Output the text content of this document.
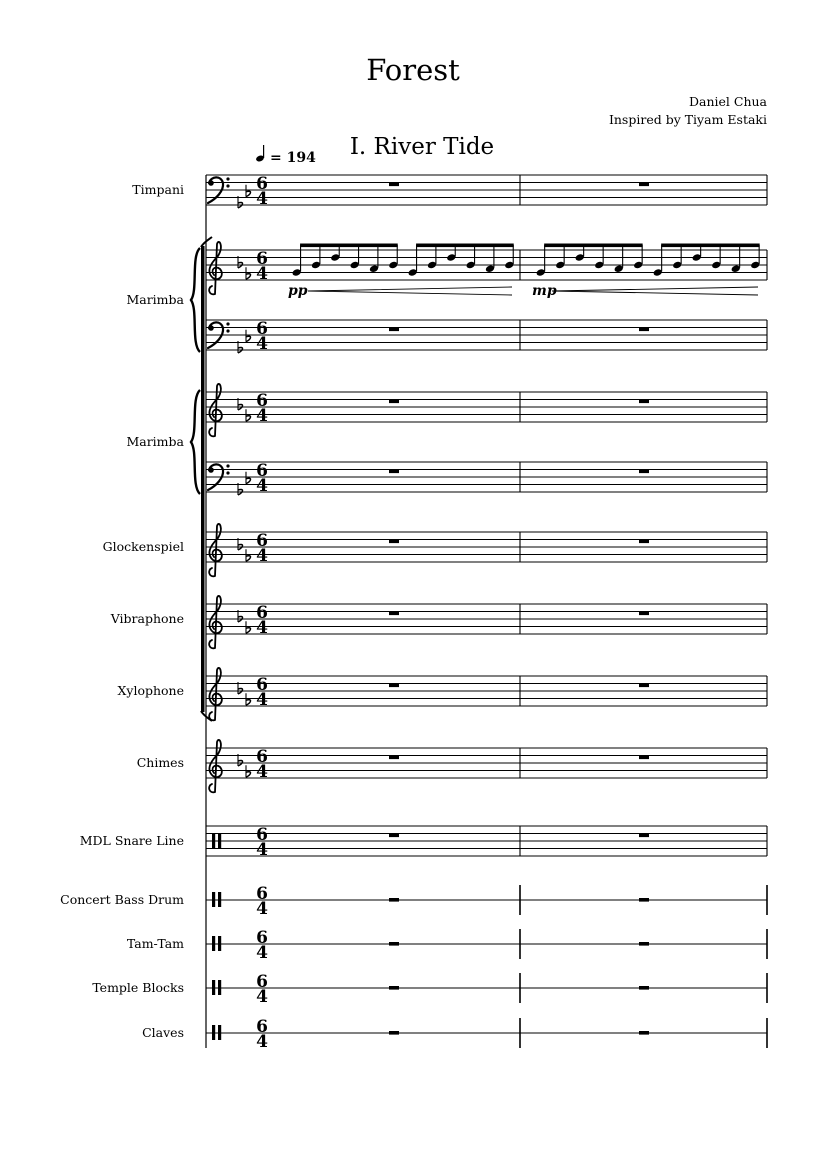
Forest
Daniel Chua
Inspired by Tiyam Estaki
I. River Tide
= 194
6
4
Timpani
6
4
6
4
Marimba
6
4
6
4
Marimba
6
4
Glockenspiel
6
4
Vibraphone
6
4
Xylophone
6
4
Chimes
6
4
MDL Snare Line
6
4
Concert Bass Drum
6
4
Tam-Tam
6
4
Temple Blocks
6
4
Claves
pp	mp
